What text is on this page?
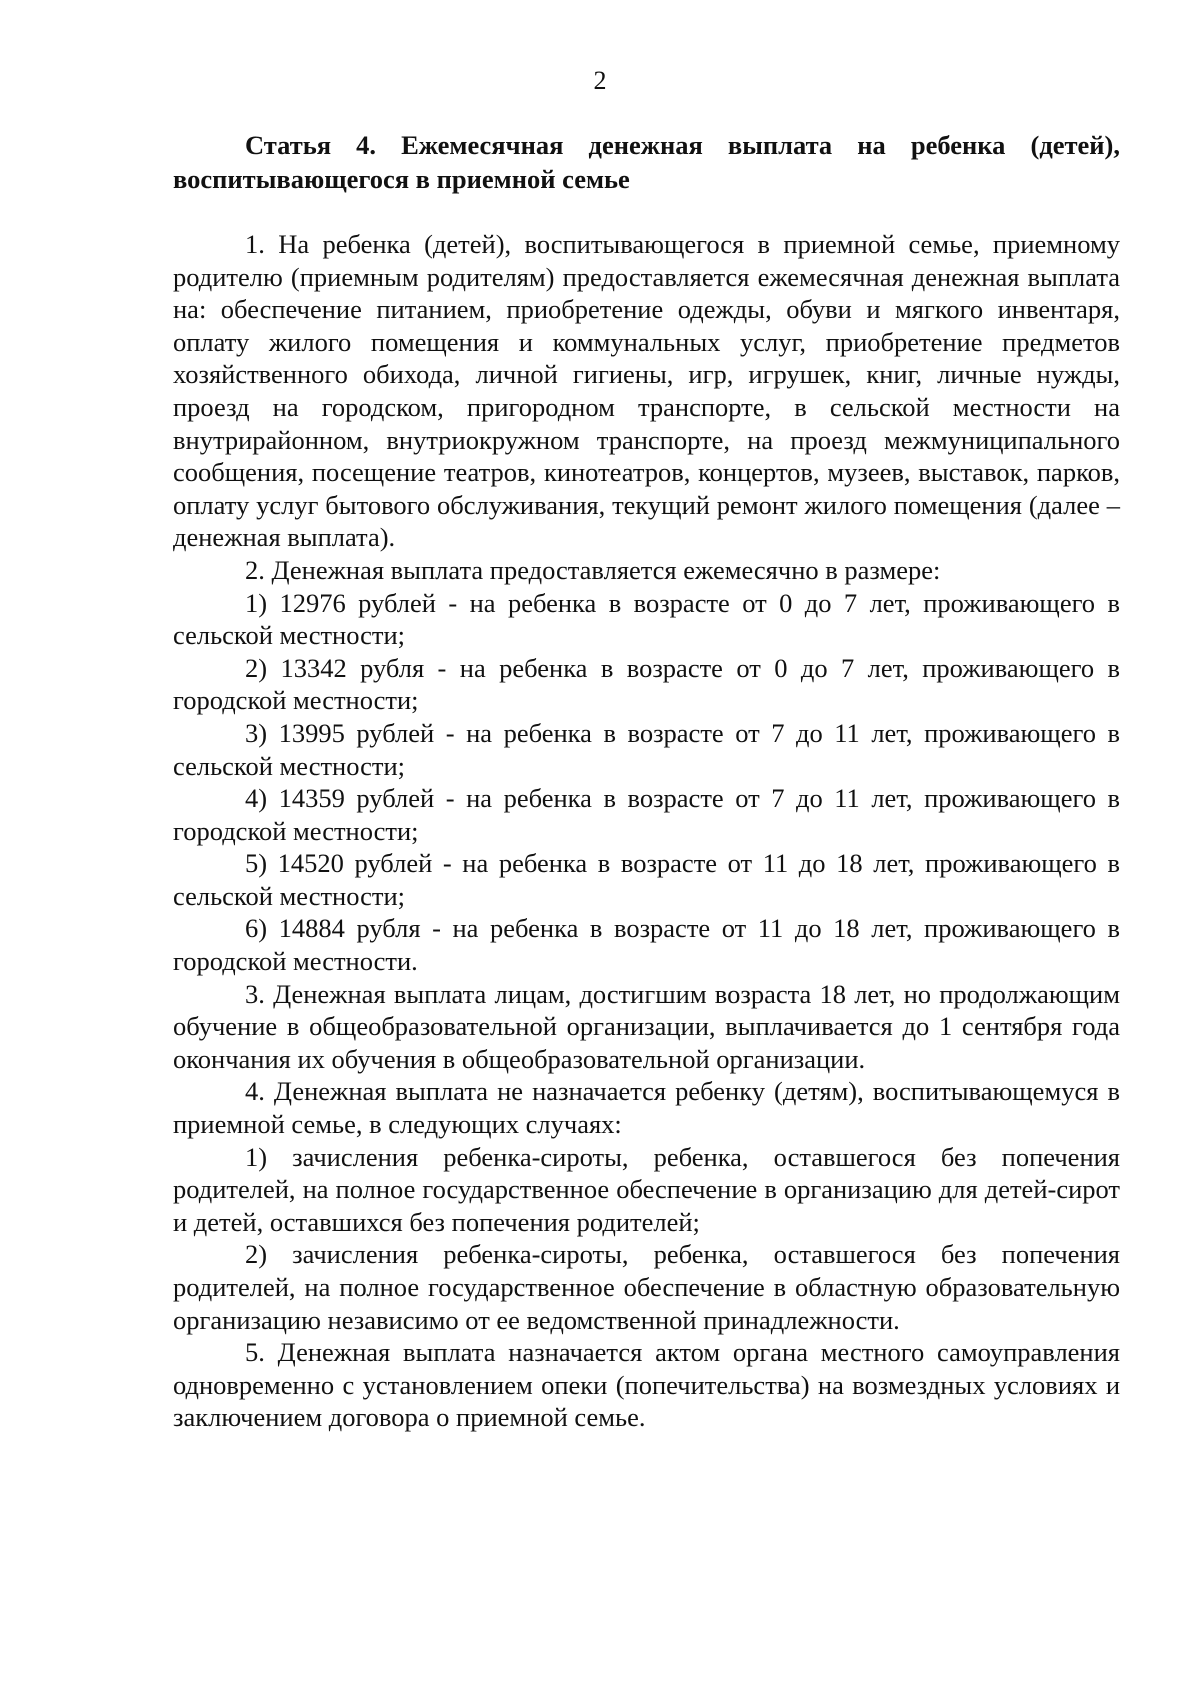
2

Статья 4. Ежемесячная денежная выплата на ребенка (детей), воспитывающегося в приемной семье

1. На ребенка (детей), воспитывающегося в приемной семье, приемному родителю (приемным родителям) предоставляется ежемесячная денежная выплата на: обеспечение питанием, приобретение одежды, обуви и мягкого инвентаря, оплату жилого помещения и коммунальных услуг, приобретение предметов хозяйственного обихода, личной гигиены, игр, игрушек, книг, личные нужды, проезд на городском, пригородном транспорте, в сельской местности на внутрирайонном, внутриокружном транспорте, на проезд межмуниципального сообщения, посещение театров, кинотеатров, концертов, музеев, выставок, парков, оплату услуг бытового обслуживания, текущий ремонт жилого помещения (далее – денежная выплата).

2. Денежная выплата предоставляется ежемесячно в размере:

1) 12976 рублей - на ребенка в возрасте от 0 до 7 лет, проживающего в сельской местности;

2) 13342 рубля - на ребенка в возрасте от 0 до 7 лет, проживающего в городской местности;

3) 13995 рублей - на ребенка в возрасте от 7 до 11 лет, проживающего в сельской местности;

4) 14359 рублей - на ребенка в возрасте от 7 до 11 лет, проживающего в городской местности;

5) 14520 рублей - на ребенка в возрасте от 11 до 18 лет, проживающего в сельской местности;

6) 14884 рубля - на ребенка в возрасте от 11 до 18 лет, проживающего в городской местности.

3. Денежная выплата лицам, достигшим возраста 18 лет, но продолжающим обучение в общеобразовательной организации, выплачивается до 1 сентября года окончания их обучения в общеобразовательной организации.

4. Денежная выплата не назначается ребенку (детям), воспитывающемуся в приемной семье, в следующих случаях:

1) зачисления ребенка-сироты, ребенка, оставшегося без попечения родителей, на полное государственное обеспечение в организацию для детей-сирот и детей, оставшихся без попечения родителей;

2) зачисления ребенка-сироты, ребенка, оставшегося без попечения родителей, на полное государственное обеспечение в областную образовательную организацию независимо от ее ведомственной принадлежности.

5. Денежная выплата назначается актом органа местного самоуправления одновременно с установлением опеки (попечительства) на возмездных условиях и заключением договора о приемной семье.
